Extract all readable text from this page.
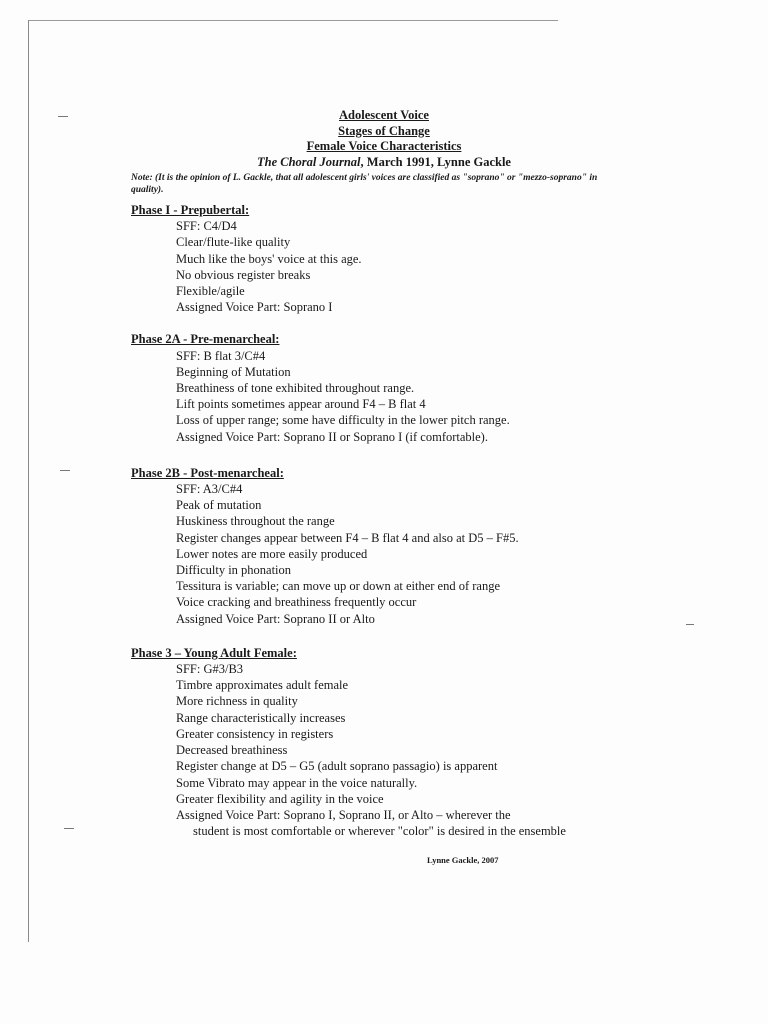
Adolescent Voice
Stages of Change
Female Voice Characteristics
The Choral Journal, March 1991, Lynne Gackle
Note: (It is the opinion of L. Gackle, that all adolescent girls' voices are classified as "soprano" or "mezzo-soprano" in quality).
Phase I - Prepubertal:
SFF: C4/D4
Clear/flute-like quality
Much like the boys' voice at this age.
No obvious register breaks
Flexible/agile
Assigned Voice Part: Soprano I
Phase 2A - Pre-menarcheal:
SFF: B flat 3/C#4
Beginning of Mutation
Breathiness of tone exhibited throughout range.
Lift points sometimes appear around F4 – B flat 4
Loss of upper range; some have difficulty in the lower pitch range.
Assigned Voice Part: Soprano II or Soprano I (if comfortable).
Phase 2B - Post-menarcheal:
SFF: A3/C#4
Peak of mutation
Huskiness throughout the range
Register changes appear between F4 – B flat 4 and also at D5 – F#5.
Lower notes are more easily produced
Difficulty in phonation
Tessitura is variable; can move up or down at either end of range
Voice cracking and breathiness frequently occur
Assigned Voice Part: Soprano II or Alto
Phase 3 – Young Adult Female:
SFF: G#3/B3
Timbre approximates adult female
More richness in quality
Range characteristically increases
Greater consistency in registers
Decreased breathiness
Register change at D5 – G5 (adult soprano passagio) is apparent
Some Vibrato may appear in the voice naturally.
Greater flexibility and agility in the voice
Assigned Voice Part: Soprano I, Soprano II, or Alto – wherever the
student is most comfortable or wherever "color" is desired in the ensemble
Lynne Gackle, 2007
